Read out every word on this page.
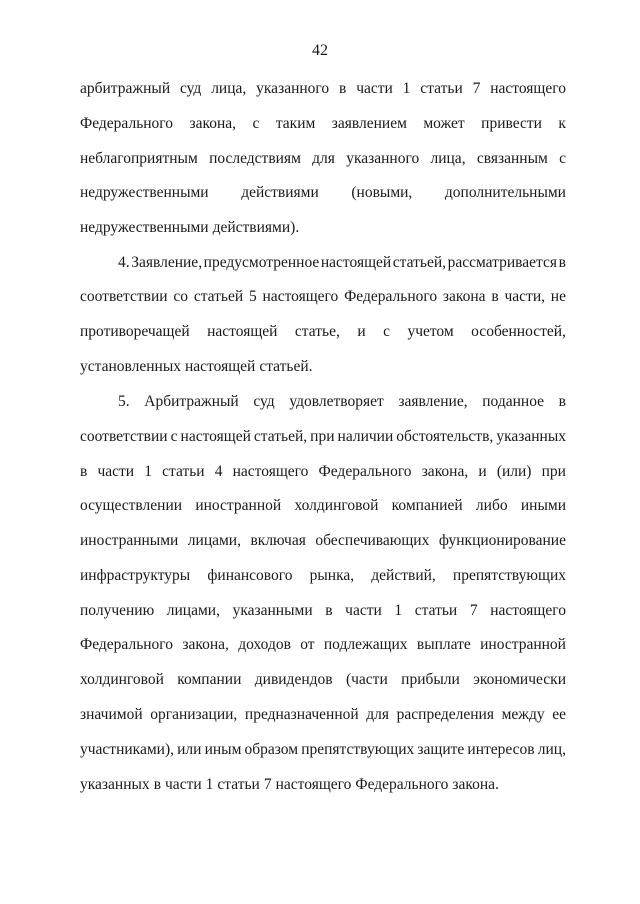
42
арбитражный суд лица, указанного в части 1 статьи 7 настоящего
Федерального закона, с таким заявлением может привести к
неблагоприятным последствиям для указанного лица, связанным с
недружественными действиями (новыми, дополнительными
недружественными действиями).
4. Заявление, предусмотренное настоящей статьей, рассматривается в
соответствии со статьей 5 настоящего Федерального закона в части, не
противоречащей настоящей статье, и с учетом особенностей,
установленных настоящей статьей.
5. Арбитражный суд удовлетворяет заявление, поданное в
соответствии с настоящей статьей, при наличии обстоятельств, указанных
в части 1 статьи 4 настоящего Федерального закона, и (или) при
осуществлении иностранной холдинговой компанией либо иными
иностранными лицами, включая обеспечивающих функционирование
инфраструктуры финансового рынка, действий, препятствующих
получению лицами, указанными в части 1 статьи 7 настоящего
Федерального закона, доходов от подлежащих выплате иностранной
холдинговой компании дивидендов (части прибыли экономически
значимой организации, предназначенной для распределения между ее
участниками), или иным образом препятствующих защите интересов лиц,
указанных в части 1 статьи 7 настоящего Федерального закона.
